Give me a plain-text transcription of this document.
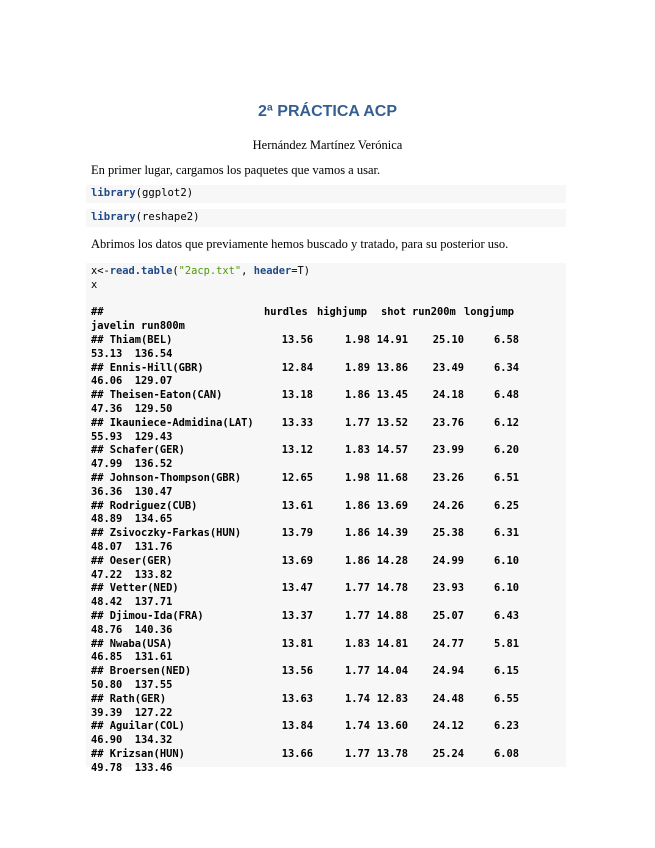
2ª PRÁCTICA ACP
Hernández Martínez Verónica
En primer lugar, cargamos los paquetes que vamos a usar.
library(ggplot2)
library(reshape2)
Abrimos los datos que previamente hemos buscado y tratado, para su posterior uso.
x<-read.table("2acp.txt", header=T)
x

##	hurdles highjump shot run200m longjump
javelin run800m
## Thiam(BEL)	13.56	1.98 14.91 25.10	6.58
53.13  136.54
## Ennis-Hill(GBR)	12.84	1.89 13.86 23.49	6.34
46.06  129.07
## Theisen-Eaton(CAN)	13.18	1.86 13.45 24.18	6.48
47.36  129.50
## Ikauniece-Admidina(LAT)	13.33	1.77 13.52 23.76	6.12
55.93  129.43
## Schafer(GER)	13.12	1.83 14.57 23.99	6.20
47.99  136.52
## Johnson-Thompson(GBR)	12.65	1.98 11.68 23.26	6.51
36.36  130.47
## Rodriguez(CUB)	13.61	1.86 13.69 24.26	6.25
48.89  134.65
## Zsivoczky-Farkas(HUN)	13.79	1.86 14.39 25.38	6.31
48.07  131.76
## Oeser(GER)	13.69	1.86 14.28 24.99	6.10
47.22  133.82
## Vetter(NED)	13.47	1.77 14.78 23.93	6.10
48.42  137.71
## Djimou-Ida(FRA)	13.37	1.77 14.88 25.07	6.43
48.76  140.36
## Nwaba(USA)	13.81	1.83 14.81 24.77	5.81
46.85  131.61
## Broersen(NED)	13.56	1.77 14.04 24.94	6.15
50.80  137.55
## Rath(GER)	13.63	1.74 12.83 24.48	6.55
39.39  127.22
## Aguilar(COL)	13.84	1.74 13.60 24.12	6.23
46.90  134.32
## Krizsan(HUN)	13.66	1.77 13.78 25.24	6.08
49.78  133.46
